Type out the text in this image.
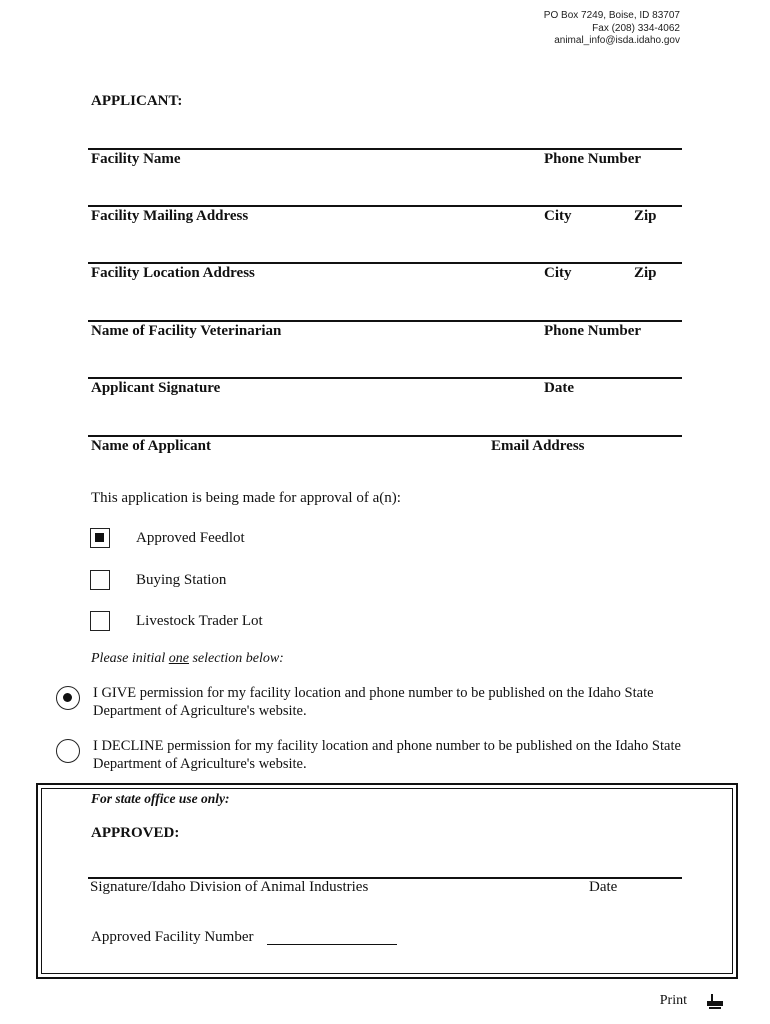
PO Box 7249, Boise, ID 83707
Fax (208) 334-4062
animal_info@isda.idaho.gov
APPLICANT:
Facility Name	Phone Number
Facility Mailing Address	City	Zip
Facility Location Address	City	Zip
Name of Facility Veterinarian	Phone Number
Applicant Signature	Date
Name of Applicant	Email Address
This application is being made for approval of a(n):
Approved Feedlot
Buying Station
Livestock Trader Lot
Please initial one selection below:
I GIVE permission for my facility location and phone number to be published on the Idaho State Department of Agriculture's website.
I DECLINE permission for my facility location and phone number to be published on the Idaho State Department of Agriculture's website.
For state office use only:
APPROVED:
Signature/Idaho Division of Animal Industries	Date
Approved Facility Number
Print
